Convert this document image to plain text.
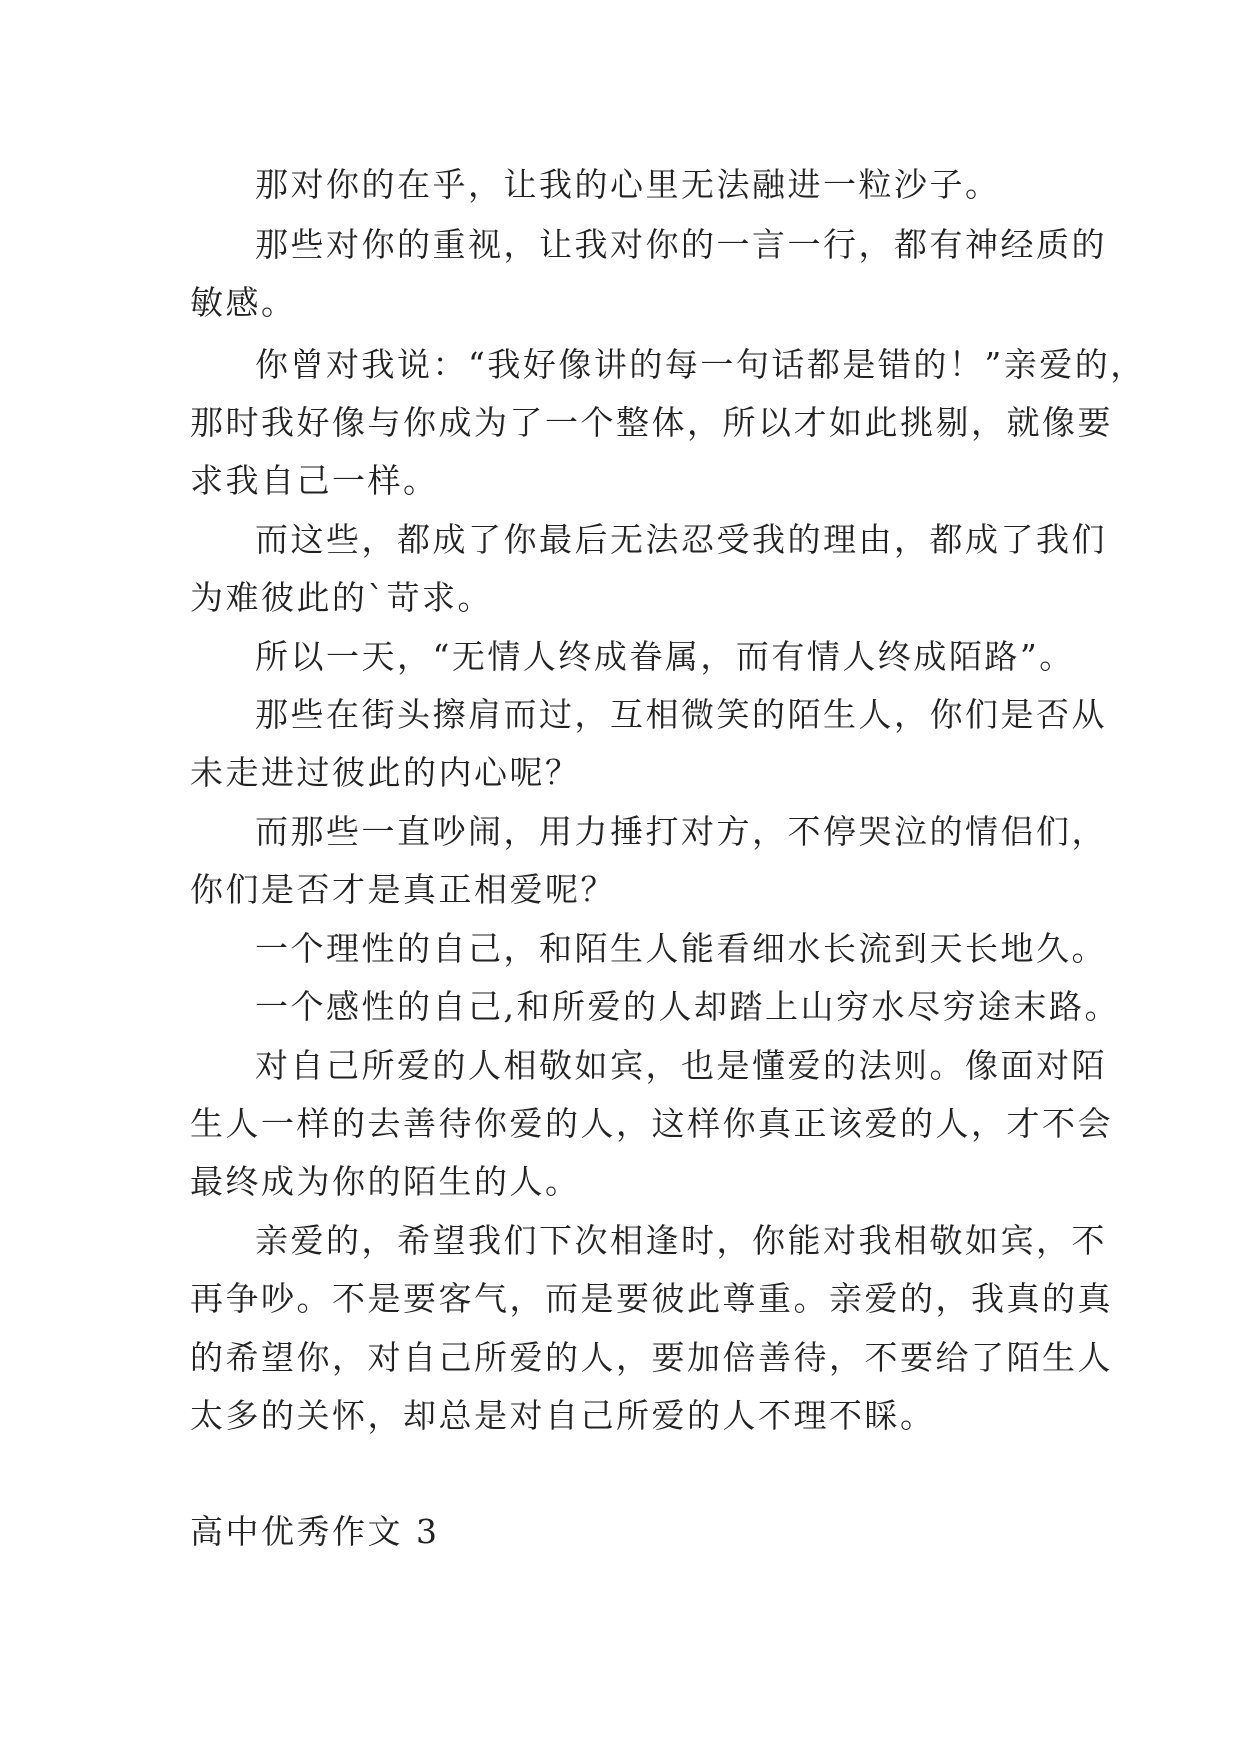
那对你的在乎，让我的心里无法融进一粒沙子。
那些对你的重视，让我对你的一言一行，都有神经质的
敏感。
你曾对我说：“我好像讲的每一句话都是错的！”亲爱的，
那时我好像与你成为了一个整体，所以才如此挑剔，就像要
求我自己一样。
而这些，都成了你最后无法忍受我的理由，都成了我们
为难彼此的`苛求。
所以一天，“无情人终成眷属，而有情人终成陌路”。
那些在街头擦肩而过，互相微笑的陌生人，你们是否从
未走进过彼此的内心呢？
而那些一直吵闹，用力捶打对方，不停哭泣的情侣们，
你们是否才是真正相爱呢？
一个理性的自己，和陌生人能看细水长流到天长地久。
一个感性的自己,和所爱的人却踏上山穷水尽穷途末路。
对自己所爱的人相敬如宾，也是懂爱的法则。像面对陌
生人一样的去善待你爱的人，这样你真正该爱的人，才不会
最终成为你的陌生的人。
亲爱的，希望我们下次相逢时，你能对我相敬如宾，不
再争吵。不是要客气，而是要彼此尊重。亲爱的，我真的真
的希望你，对自己所爱的人，要加倍善待，不要给了陌生人
太多的关怀，却总是对自己所爱的人不理不睬。
高中优秀作文 3
